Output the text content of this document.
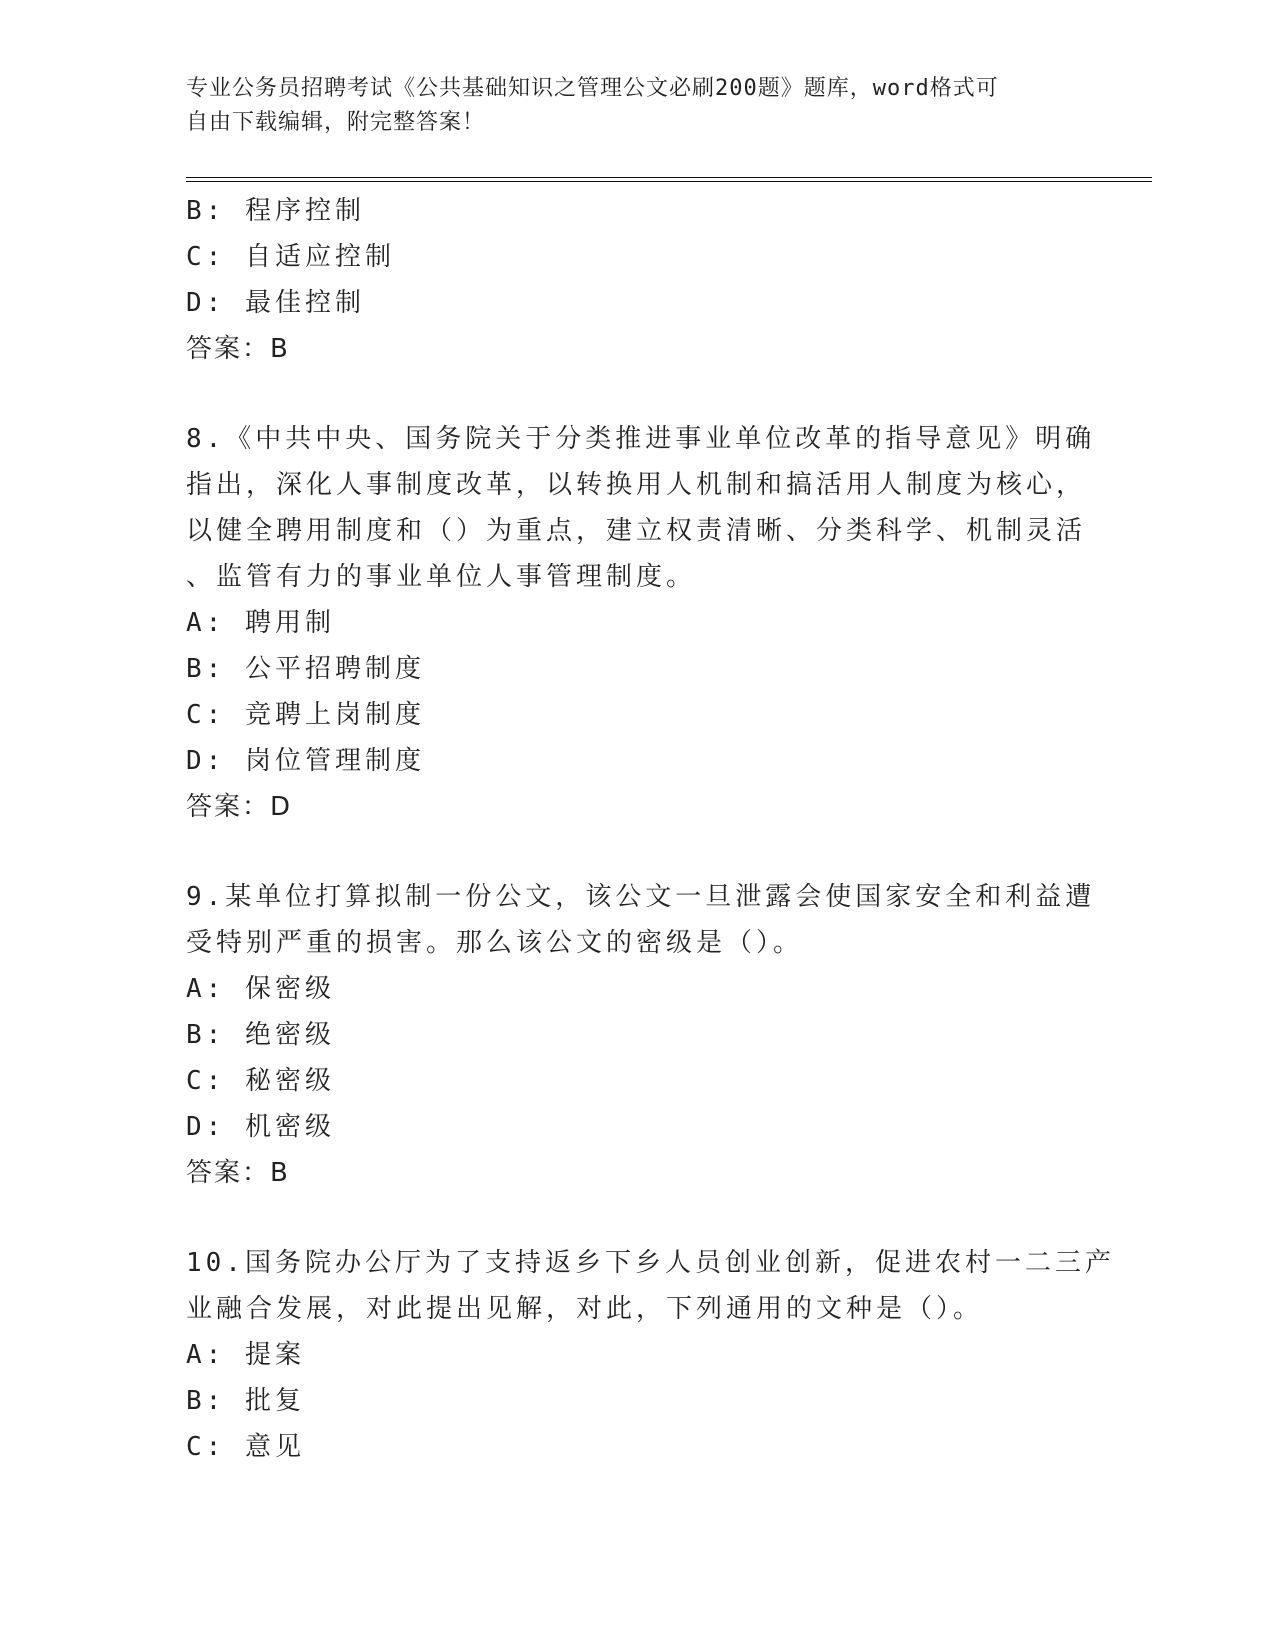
专业公务员招聘考试《公共基础知识之管理公文必刷200题》题库，word格式可
自由下载编辑，附完整答案！
B: 程序控制
C: 自适应控制
D: 最佳控制
答案：B
8.《中共中央、国务院关于分类推进事业单位改革的指导意见》明确
指出，深化人事制度改革，以转换用人机制和搞活用人制度为核心，
以健全聘用制度和（）为重点，建立权责清晰、分类科学、机制灵活
、监管有力的事业单位人事管理制度。
A: 聘用制
B: 公平招聘制度
C: 竞聘上岗制度
D: 岗位管理制度
答案：D
9.某单位打算拟制一份公文，该公文一旦泄露会使国家安全和利益遭
受特别严重的损害。那么该公文的密级是（）。
A: 保密级
B: 绝密级
C: 秘密级
D: 机密级
答案：B
10.国务院办公厅为了支持返乡下乡人员创业创新，促进农村一二三产
业融合发展，对此提出见解，对此，下列通用的文种是（）。
A: 提案
B: 批复
C: 意见
